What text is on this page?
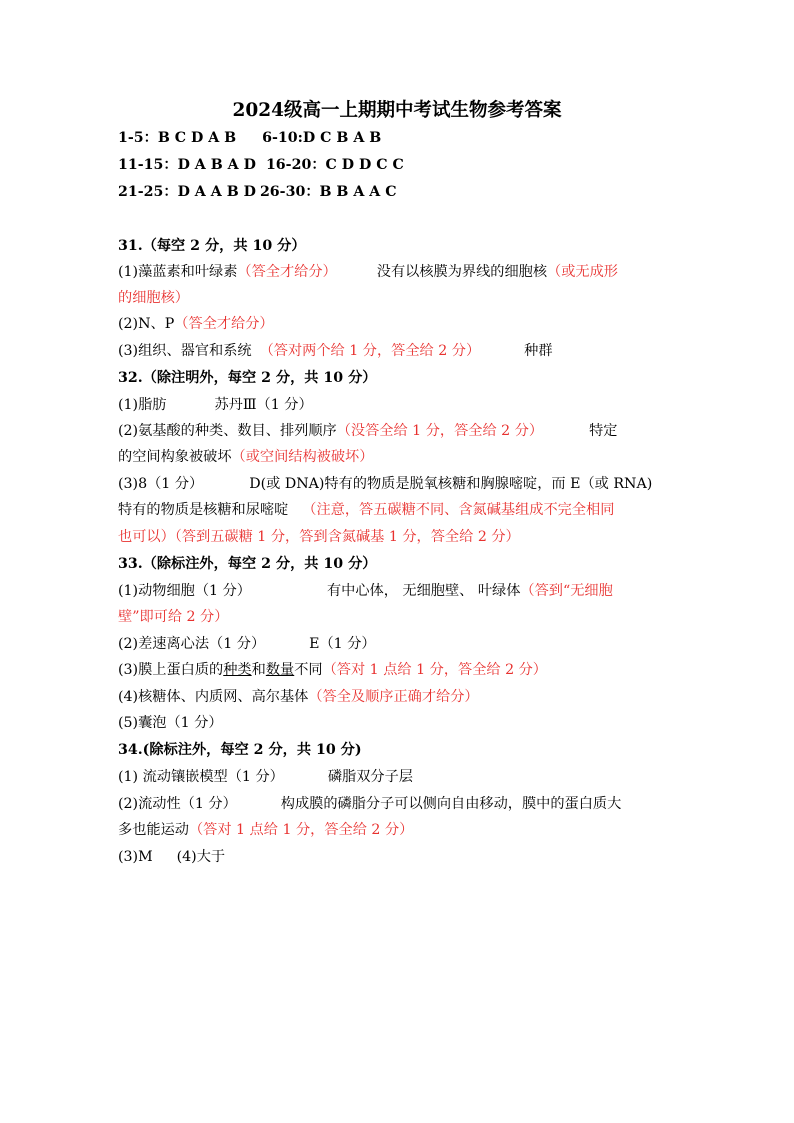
2024级高一上期期中考试生物参考答案
1-5：B C D A B 6-10:D C B A B
11-15：D A B A D 16-20：C D D C C
21-25：D A A B D 26-30：B B A A C
31.（每空 2 分，共 10 分）
(1)藻蓝素和叶绿素（答全才给分）	没有以核膜为界线的细胞核（或无成形
的细胞核）
(2)N、P（答全才给分）
(3)组织、器官和系统 （答对两个给 1 分，答全给 2 分）	种群
32.（除注明外，每空 2 分，共 10 分）
(1)脂肪	苏丹Ⅲ（1 分）
(2)氨基酸的种类、数目、排列顺序（没答全给 1 分，答全给 2 分）	特定
的空间构象被破坏（或空间结构被破坏）
(3)8（1 分）	D(或 DNA)特有的物质是脱氧核糖和胸腺嘧啶，而 E（或 RNA)
特有的物质是核糖和尿嘧啶 （注意，答五碳糖不同、含氮碱基组成不完全相同
也可以）（答到五碳糖 1 分，答到含氮碱基 1 分，答全给 2 分）
33.（除标注外，每空 2 分，共 10 分）
(1)动物细胞（1 分）	有中心体， 无细胞壁、 叶绿体（答到“无细胞
壁”即可给 2 分）
(2)差速离心法（1 分）	E（1 分）
(3)膜上蛋白质的种类和数量不同（答对 1 点给 1 分，答全给 2 分）
(4)核糖体、内质网、高尔基体（答全及顺序正确才给分）
(5)囊泡（1 分）
34.(除标注外，每空 2 分，共 10 分)
(1) 流动镶嵌模型（1 分）	磷脂双分子层
(2)流动性（1 分）	构成膜的磷脂分子可以侧向自由移动，膜中的蛋白质大
多也能运动（答对 1 点给 1 分，答全给 2 分）
(3)M (4)大于
